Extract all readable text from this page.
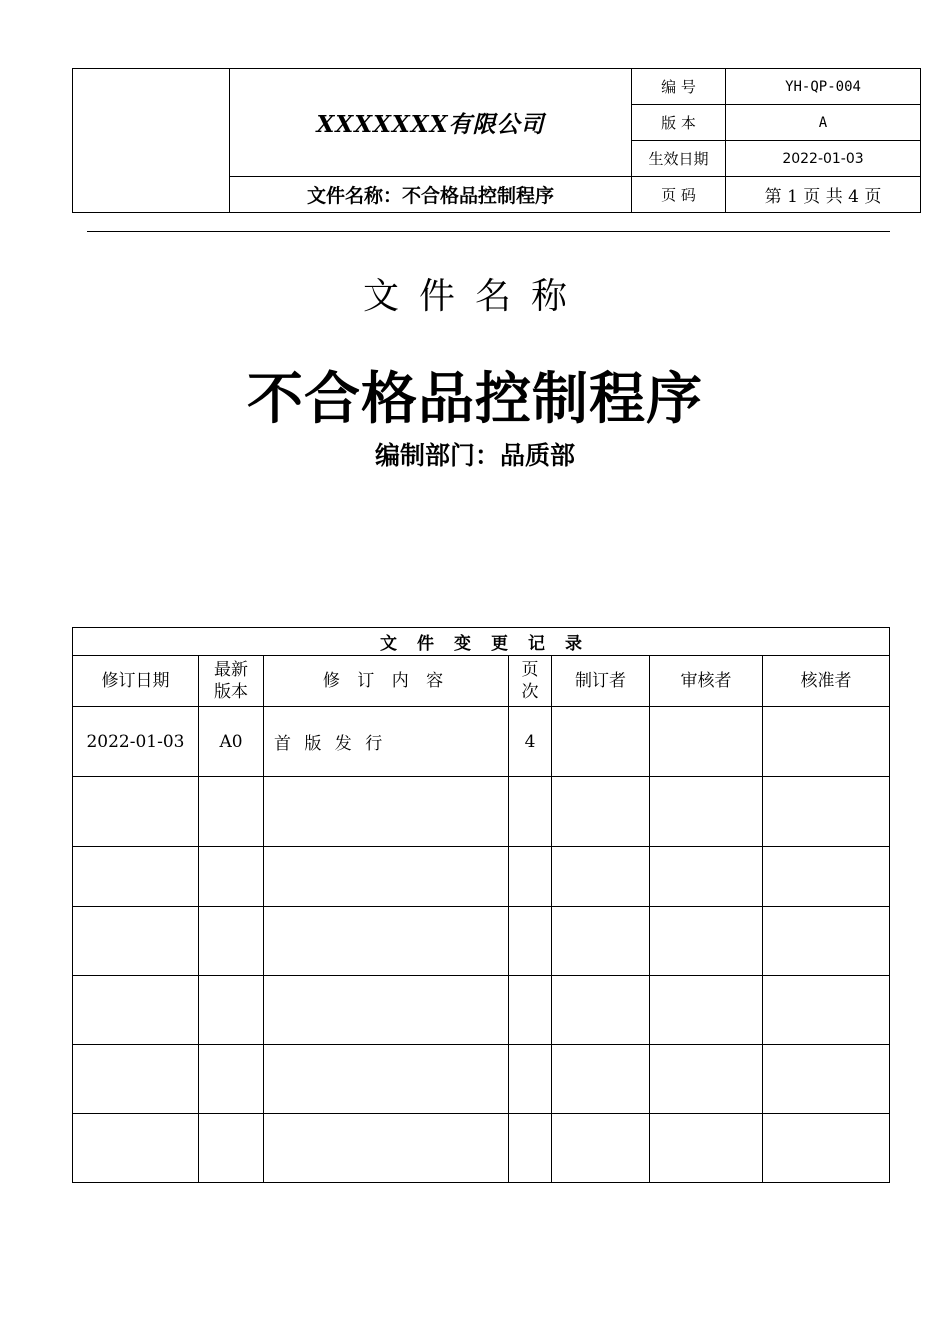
	XXXXXXX有限公司	编 号	YH-QP-004
		版 本	A
		生效日期	2022-01-03
	文件名称：不合格品控制程序	页 码	第 1 页 共 4 页
文件名称
不合格品控制程序
编制部门：品质部
文件变更记录						
修订日期	最新版本	修 订 内 容	页次	制订者	审核者	核准者
2022-01-03	A0	首 版 发 行	4			
